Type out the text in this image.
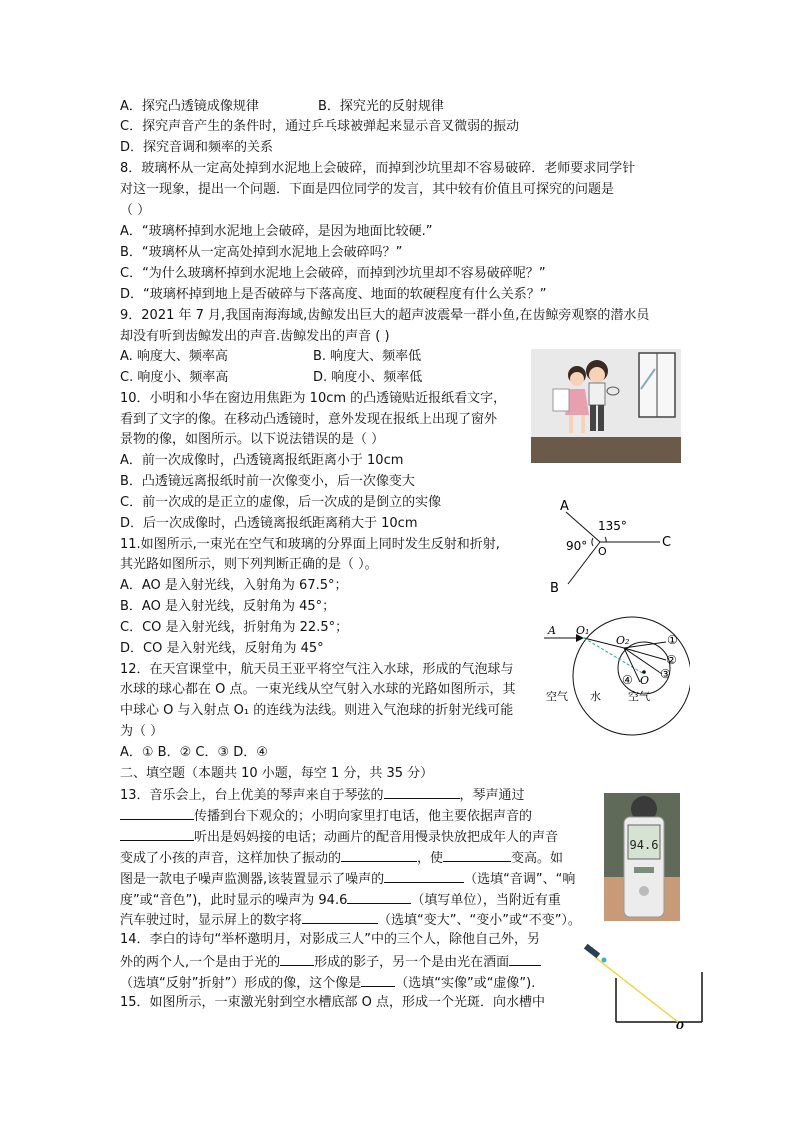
A．探究凸透镜成像规律	B．探究光的反射规律
C．探究声音产生的条件时，通过乒乓球被弹起来显示音叉微弱的振动
D．探究音调和频率的关系
8．玻璃杯从一定高处掉到水泥地上会破碎，而掉到沙坑里却不容易破碎．老师要求同学针
对这一现象，提出一个问题．下面是四位同学的发言，其中较有价值且可探究的问题是
（ ）
A．“玻璃杯掉到水泥地上会破碎，是因为地面比较硬.”
B．“玻璃杯从一定高处掉到水泥地上会破碎吗？”
C．“为什么玻璃杯掉到水泥地上会破碎，而掉到沙坑里却不容易破碎呢？”
D．“玻璃杯掉到地上是否破碎与下落高度、地面的软硬程度有什么关系？”
9．2021 年 7 月,我国南海海域,齿鲸发出巨大的超声波震晕一群小鱼,在齿鲸旁观察的潜水员
却没有听到齿鲸发出的声音.齿鲸发出的声音 ( )
A. 响度大、频率高	B. 响度大、频率低
C. 响度小、频率高	D. 响度小、频率低
10．小明和小华在窗边用焦距为 10cm 的凸透镜贴近报纸看文字，
看到了文字的像。在移动凸透镜时，意外发现在报纸上出现了窗外
景物的像，如图所示。以下说法错误的是（ ）
A．前一次成像时，凸透镜离报纸距离小于 10cm
B．凸透镜远离报纸时前一次像变小，后一次像变大
C．前一次成的是正立的虚像，后一次成的是倒立的实像
D．后一次成像时，凸透镜离报纸距离稍大于 10cm
11.如图所示,一束光在空气和玻璃的分界面上同时发生反射和折射,
其光路如图所示，则下列判断正确的是（ ）。
A．AO 是入射光线，入射角为 67.5°；
B．AO 是入射光线，反射角为 45°；
C．CO 是入射光线，折射角为 22.5°；
D．CO 是入射光线，反射角为 45°
A
B
C
O
135°
90°
12．在天宫课堂中，航天员王亚平将空气注入水球，形成的气泡球与
水球的球心都在 O 点。一束光线从空气射入水球的光路如图所示，其
中球心 O 与入射点 O₁ 的连线为法线。则进入气泡球的折射光线可能
为（ ）
A．① B．② C．③ D．④
A O₁
O₂
O
①
②
③
④
空气 水 空气
二、填空题（本题共 10 小题，每空 1 分，共 35 分）
13．音乐会上，台上优美的琴声来自于琴弦的	，琴声通过
传播到台下观众的；小明向家里打电话，他主要依据声音的
听出是妈妈接的电话；动画片的配音用慢录快放把成年人的声音
变成了小孩的声音，这样加快了振动的	，使	变高。如
图是一款电子噪声监测器,该装置显示了噪声的	（选填“音调”、“响
度”或“音色”)，此时显示的噪声为 94.6	（填写单位），当附近有重
汽车驶过时，显示屏上的数字将	（选填“变大”、“变小”或“不变”）。
94.6
14．李白的诗句“举杯邀明月，对影成三人”中的三个人，除他自己外，另
外的两个人,一个是由于光的	形成的影子，另一个是由光在酒面
（选填“反射”折射”）形成的像，这个像是	（选填“实像”或“虚像”).
15．如图所示，一束激光射到空水槽底部 O 点，形成一个光斑．向水槽中
O
